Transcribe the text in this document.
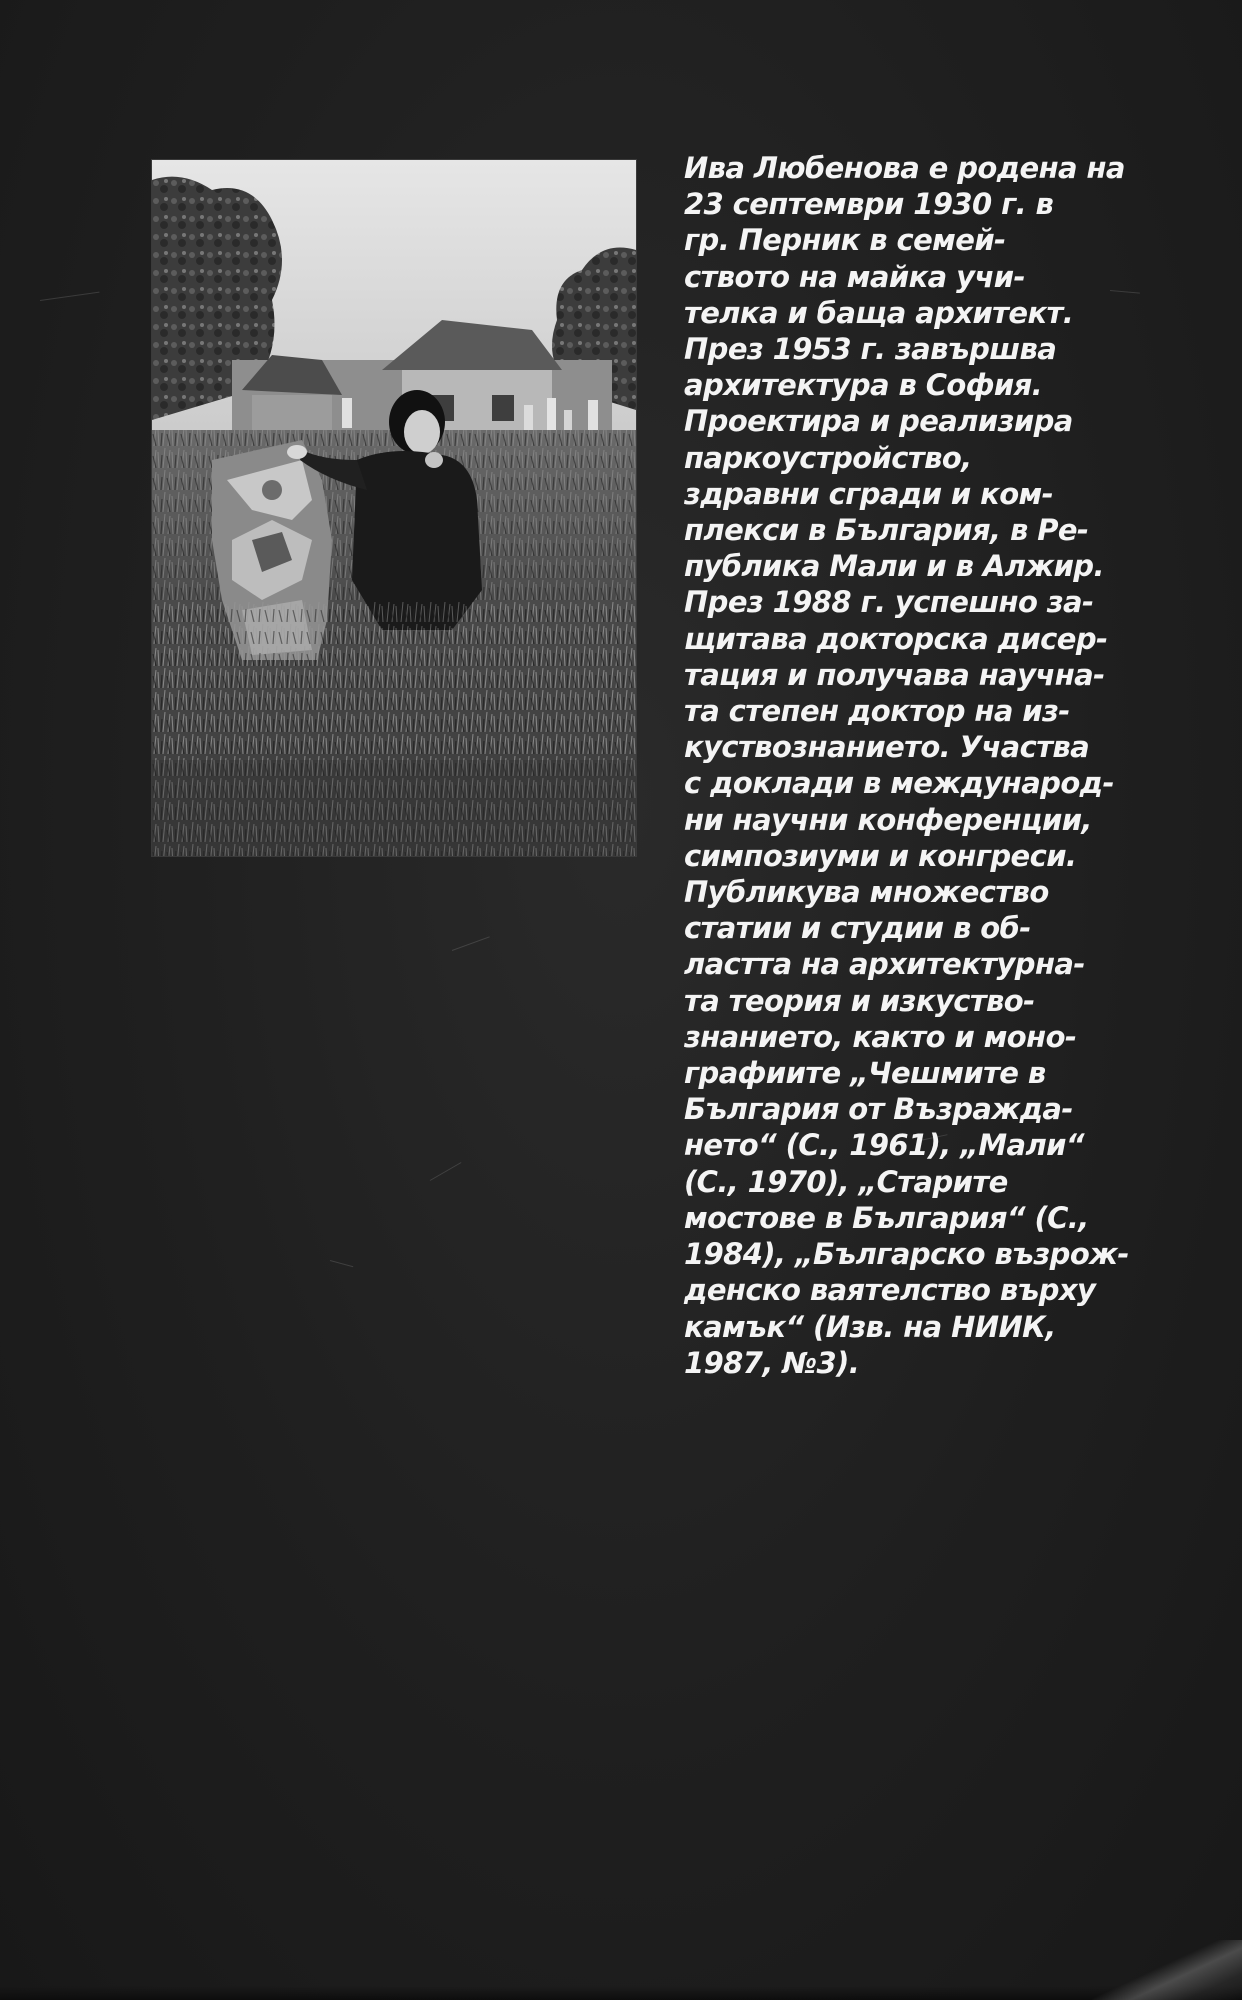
Ива Любенова е родена на
23 септември 1930 г. в
гр. Перник в семей-
ството на майка учи-
телка и баща архитект.
През 1953 г. завършва
архитектура в София.
Проектира и реализира
паркоустройство,
здравни сгради и ком-
плекси в България, в Ре-
публика Мали и в Алжир.
През 1988 г. успешно за-
щитава докторска дисер-
тация и получава научна-
та степен доктор на из-
куствознанието. Участва
с доклади в международ-
ни научни конференции,
симпозиуми и конгреси.
Публикува множество
статии и студии в об-
ластта на архитектурна-
та теория и изкуство-
знанието, както и моно-
графиите „Чешмите в
България от Възражда-
нето“ (С., 1961), „Мали“
(С., 1970), „Старите
мостове в България“ (С.,
1984), „Българско възрож-
денско ваятелство върху
камък“ (Изв. на НИИК,
1987, №3).
